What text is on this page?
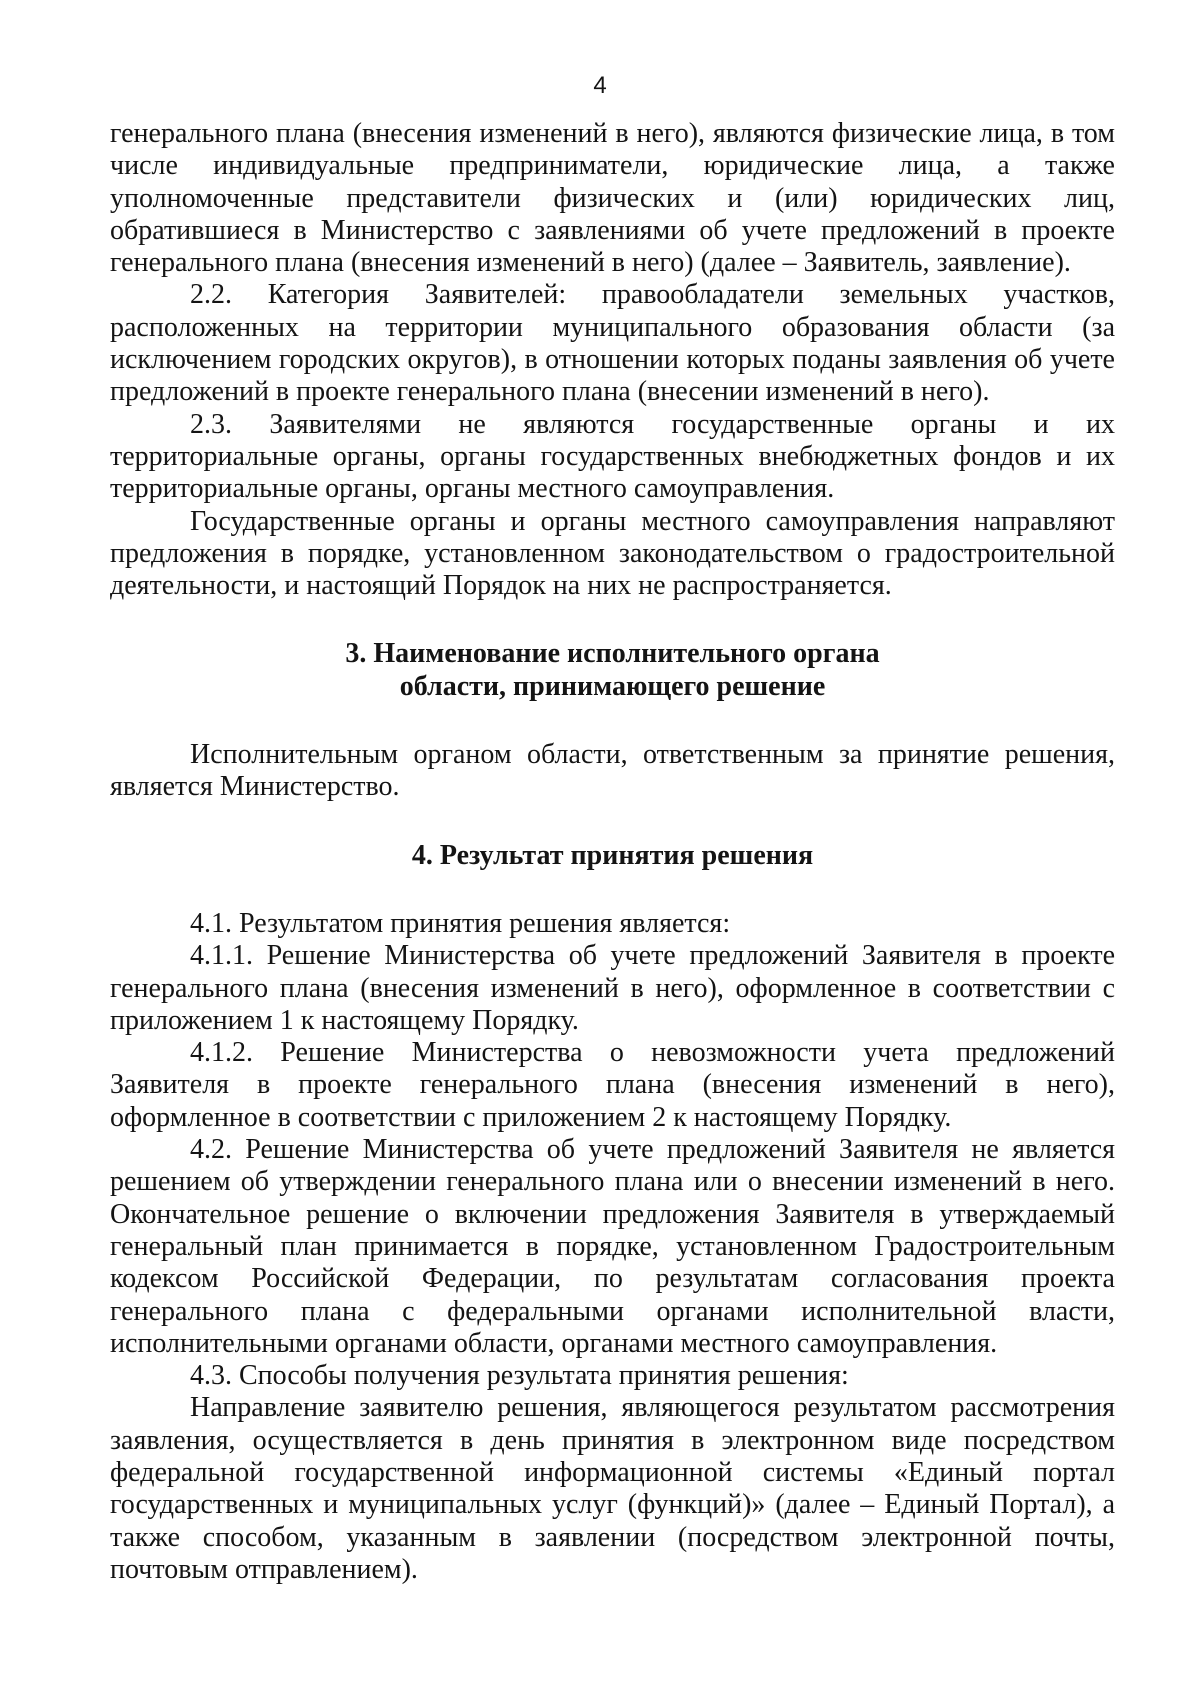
4

генерального плана (внесения изменений в него), являются физические лица, в том числе индивидуальные предприниматели, юридические лица, а также уполномоченные представители физических и (или) юридических лиц, обратившиеся в Министерство с заявлениями об учете предложений в проекте генерального плана (внесения изменений в него) (далее – Заявитель, заявление).

2.2. Категория Заявителей: правообладатели земельных участков, расположенных на территории муниципального образования области (за исключением городских округов), в отношении которых поданы заявления об учете предложений в проекте генерального плана (внесении изменений в него).

2.3. Заявителями не являются государственные органы и их территориальные органы, органы государственных внебюджетных фондов и их территориальные органы, органы местного самоуправления.

Государственные органы и органы местного самоуправления направляют предложения в порядке, установленном законодательством о градостроительной деятельности, и настоящий Порядок на них не распространяется.

3. Наименование исполнительного органа
области, принимающего решение

Исполнительным органом области, ответственным за принятие решения, является Министерство.

4. Результат принятия решения

4.1. Результатом принятия решения является:

4.1.1. Решение Министерства об учете предложений Заявителя в проекте генерального плана (внесения изменений в него), оформленное в соответствии с приложением 1 к настоящему Порядку.

4.1.2. Решение Министерства о невозможности учета предложений Заявителя в проекте генерального плана (внесения изменений в него), оформленное в соответствии с приложением 2 к настоящему Порядку.

4.2. Решение Министерства об учете предложений Заявителя не является решением об утверждении генерального плана или о внесении изменений в него. Окончательное решение о включении предложения Заявителя в утверждаемый генеральный план принимается в порядке, установленном Градостроительным кодексом Российской Федерации, по результатам согласования проекта генерального плана с федеральными органами исполнительной власти, исполнительными органами области, органами местного самоуправления.

4.3. Способы получения результата принятия решения:

Направление заявителю решения, являющегося результатом рассмотрения заявления, осуществляется в день принятия в электронном виде посредством федеральной государственной информационной системы «Единый портал государственных и муниципальных услуг (функций)» (далее – Единый Портал), а также способом, указанным в заявлении (посредством электронной почты, почтовым отправлением).
